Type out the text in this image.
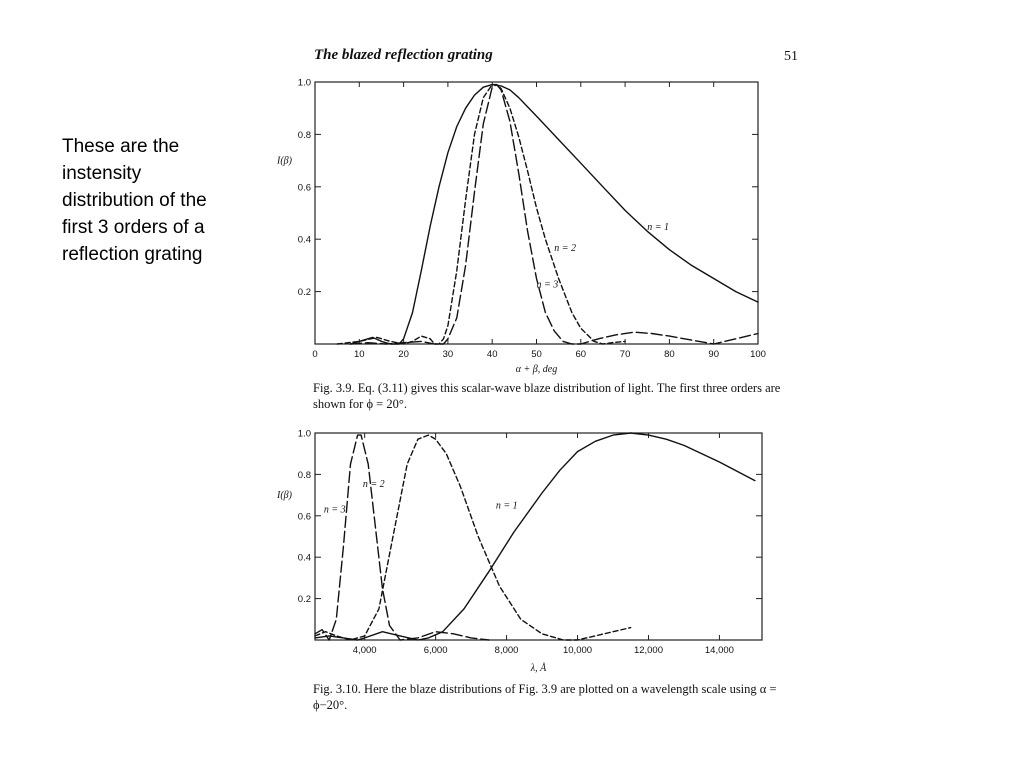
These are the instensity distribution of the first 3 orders of a reflection grating
The blazed reflection grating	51
0	10	20	30	40	50	60	70	80	90	100
0.2
0.4
0.6
0.8
1.0
α + β, deg
I(β)
n = 1
n = 2
n = 3
Fig. 3.9. Eq. (3.11) gives this scalar-wave blaze distribution of light. The first three orders are shown for ϕ = 20°.
4,000	6,000	8,000	10,000	12,000	14,000
0.2
0.4
0.6
0.8
1.0
λ, Å
I(β)
n = 1
n = 2
n = 3
Fig. 3.10. Here the blaze distributions of Fig. 3.9 are plotted on a wavelength scale using α = ϕ−20°.
